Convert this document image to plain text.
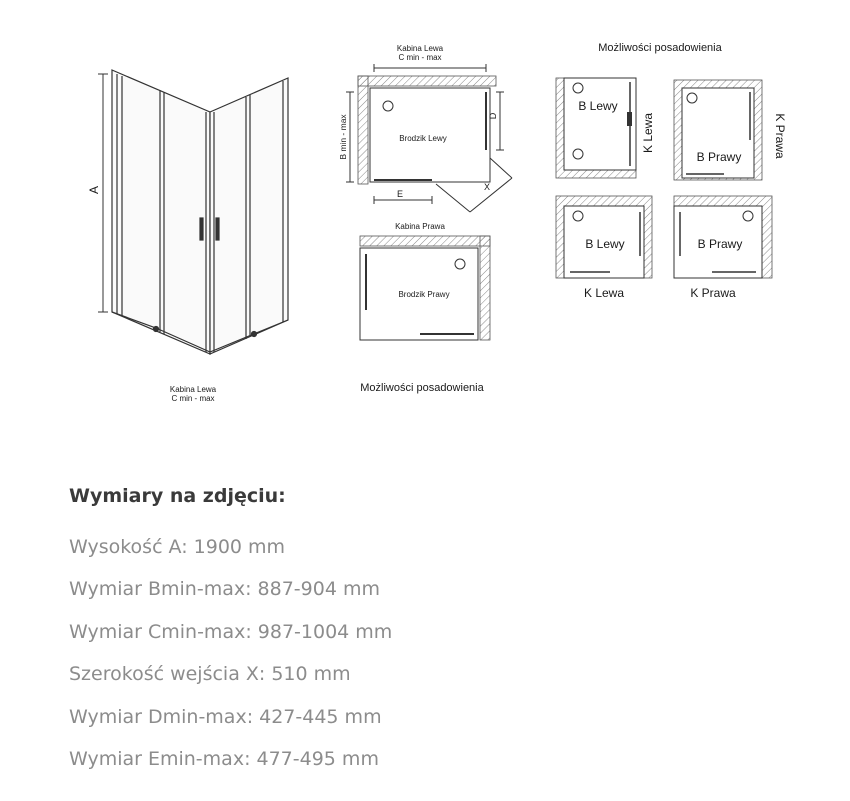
A
Kabina Lewa
C min - max
Kabina Lewa
C min - max
B min - max	Brodzik Lewy
D
E
X
Kabina Prawa
Brodzik Prawy
Możliwości posadowienia
Możliwości posadowienia
B Lewy
K Lewa
B Prawy	K Prawa
B Lewy
K Lewa
B Prawy
K Prawa
Wymiary na zdjęciu:
Wysokość A: 1900 mm
Wymiar Bmin-max: 887-904 mm
Wymiar Cmin-max: 987-1004 mm
Szerokość wejścia X: 510 mm
Wymiar Dmin-max: 427-445 mm
Wymiar Emin-max: 477-495 mm
